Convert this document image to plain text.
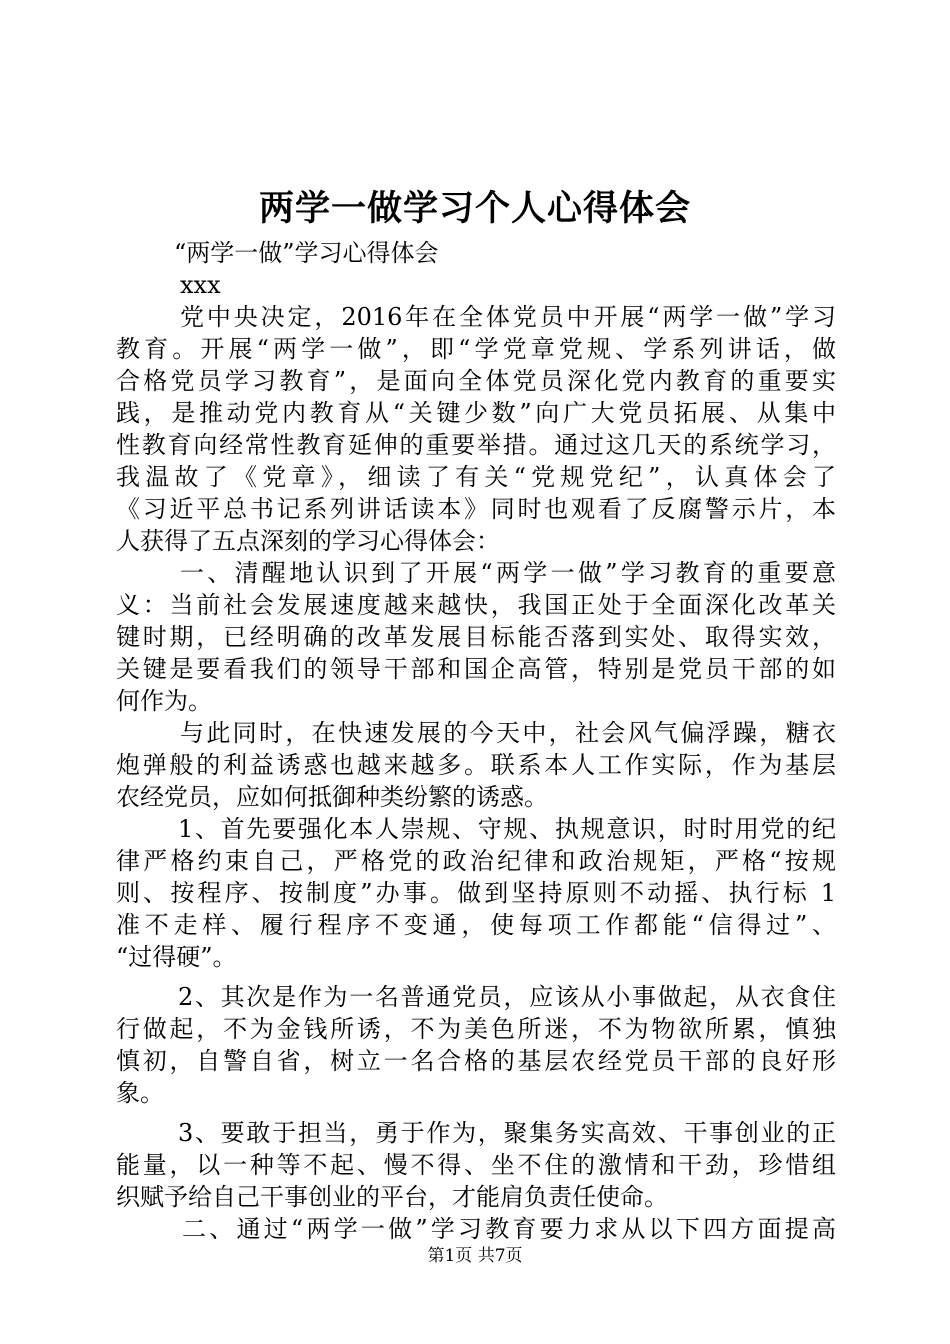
两学一做学习个人心得体会
“两学一做”学习心得体会
xxx
党中央决定，2016年在全体党员中开展“两学一做”学习
教育。开展“两学一做”，即“学党章党规、学系列讲话，做
合格党员学习教育”，是面向全体党员深化党内教育的重要实
践，是推动党内教育从“关键少数”向广大党员拓展、从集中
性教育向经常性教育延伸的重要举措。通过这几天的系统学习，
我温故了《党章》，细读了有关“党规党纪”，认真体会了
《习近平总书记系列讲话读本》同时也观看了反腐警示片，本
人获得了五点深刻的学习心得体会：
一、清醒地认识到了开展“两学一做”学习教育的重要意
义：当前社会发展速度越来越快，我国正处于全面深化改革关
键时期，已经明确的改革发展目标能否落到实处、取得实效，
关键是要看我们的领导干部和国企高管，特别是党员干部的如
何作为。
与此同时，在快速发展的今天中，社会风气偏浮躁，糖衣
炮弹般的利益诱惑也越来越多。联系本人工作实际，作为基层
农经党员，应如何抵御种类纷繁的诱惑。
1、首先要强化本人崇规、守规、执规意识，时时用党的纪
律严格约束自己，严格党的政治纪律和政治规矩，严格“按规
则、按程序、按制度”办事。做到坚持原则不动摇、执行标 1
准不走样、履行程序不变通，使每项工作都能“信得过”、
“过得硬”。
2、其次是作为一名普通党员，应该从小事做起，从衣食住
行做起，不为金钱所诱，不为美色所迷，不为物欲所累，慎独
慎初，自警自省，树立一名合格的基层农经党员干部的良好形
象。
3、要敢于担当，勇于作为，聚集务实高效、干事创业的正
能量，以一种等不起、慢不得、坐不住的激情和干劲，珍惜组
织赋予给自己干事创业的平台，才能肩负责任使命。
二、通过“两学一做”学习教育要力求从以下四方面提高
第1页 共7页
